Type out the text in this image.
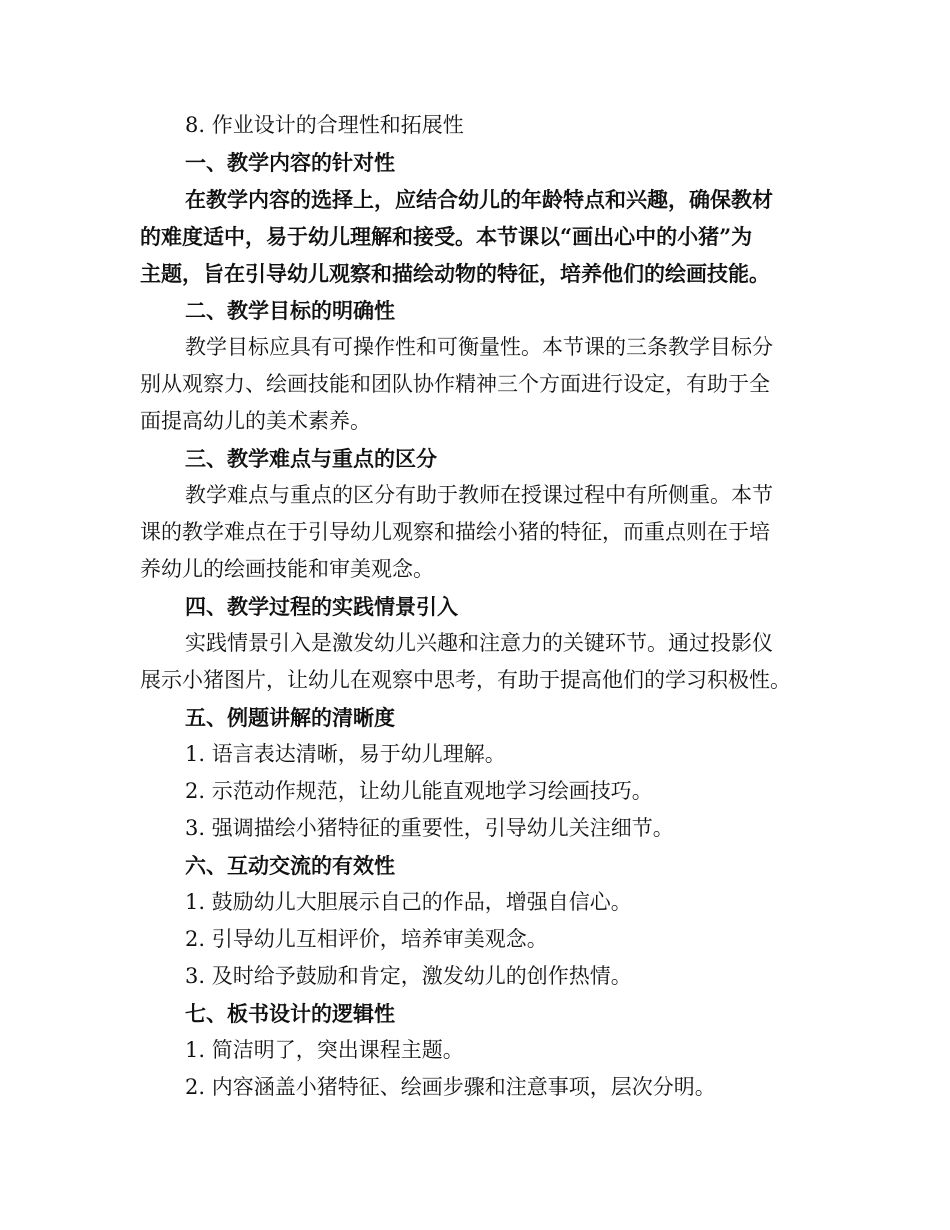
8. 作业设计的合理性和拓展性
一、教学内容的针对性
在教学内容的选择上，应结合幼儿的年龄特点和兴趣，确保教材
的难度适中，易于幼儿理解和接受。本节课以“画出心中的小猪”为
主题，旨在引导幼儿观察和描绘动物的特征，培养他们的绘画技能。
二、教学目标的明确性
教学目标应具有可操作性和可衡量性。本节课的三条教学目标分
别从观察力、绘画技能和团队协作精神三个方面进行设定，有助于全
面提高幼儿的美术素养。
三、教学难点与重点的区分
教学难点与重点的区分有助于教师在授课过程中有所侧重。本节
课的教学难点在于引导幼儿观察和描绘小猪的特征，而重点则在于培
养幼儿的绘画技能和审美观念。
四、教学过程的实践情景引入
实践情景引入是激发幼儿兴趣和注意力的关键环节。通过投影仪
展示小猪图片，让幼儿在观察中思考，有助于提高他们的学习积极性。
五、例题讲解的清晰度
1. 语言表达清晰，易于幼儿理解。
2. 示范动作规范，让幼儿能直观地学习绘画技巧。
3. 强调描绘小猪特征的重要性，引导幼儿关注细节。
六、互动交流的有效性
1. 鼓励幼儿大胆展示自己的作品，增强自信心。
2. 引导幼儿互相评价，培养审美观念。
3. 及时给予鼓励和肯定，激发幼儿的创作热情。
七、板书设计的逻辑性
1. 简洁明了，突出课程主题。
2. 内容涵盖小猪特征、绘画步骤和注意事项，层次分明。
